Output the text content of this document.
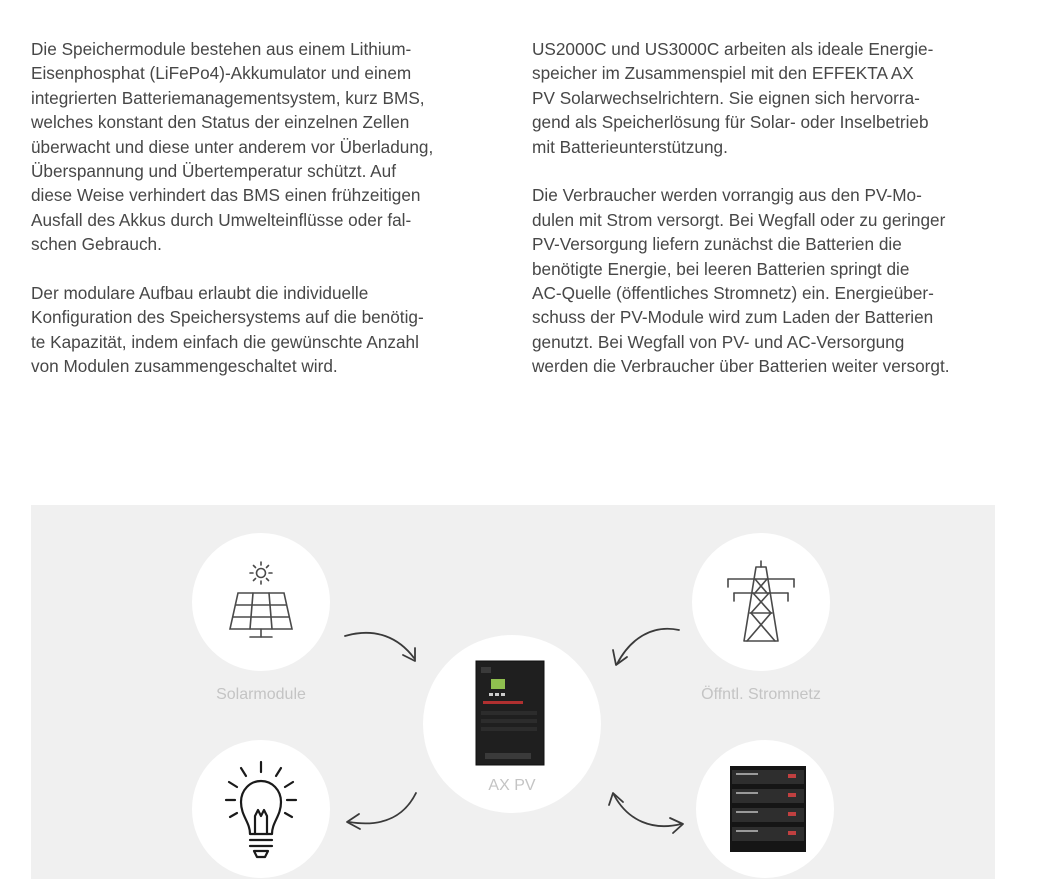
Die Speichermodule bestehen aus einem Lithium-
Eisenphosphat (LiFePo4)-Akkumulator und einem
integrierten Batteriemanagementsystem, kurz BMS,
welches konstant den Status der einzelnen Zellen
überwacht und diese unter anderem vor Überladung,
Überspannung und Übertemperatur schützt. Auf
diese Weise verhindert das BMS einen frühzeitigen
Ausfall des Akkus durch Umwelteinflüsse oder fal-
schen Gebrauch.
Der modulare Aufbau erlaubt die individuelle
Konfiguration des Speichersystems auf die benötig-
te Kapazität, indem einfach die gewünschte Anzahl
von Modulen zusammengeschaltet wird.
US2000C und US3000C arbeiten als ideale Energie-
speicher im Zusammenspiel mit den EFFEKTA AX
PV Solarwechselrichtern. Sie eignen sich hervorra-
gend als Speicherlösung für Solar- oder Inselbetrieb
mit Batterieunterstützung.
Die Verbraucher werden vorrangig aus den PV-Mo-
dulen mit Strom versorgt. Bei Wegfall oder zu geringer
PV-Versorgung liefern zunächst die Batterien die
benötigte Energie, bei leeren Batterien springt die
AC-Quelle (öffentliches Stromnetz) ein. Energieüber-
schuss der PV-Module wird zum Laden der Batterien
genutzt. Bei Wegfall von PV- und AC-Versorgung
werden die Verbraucher über Batterien weiter versorgt.
Solarmodule	Öffntl. Stromnetz
AX PV
